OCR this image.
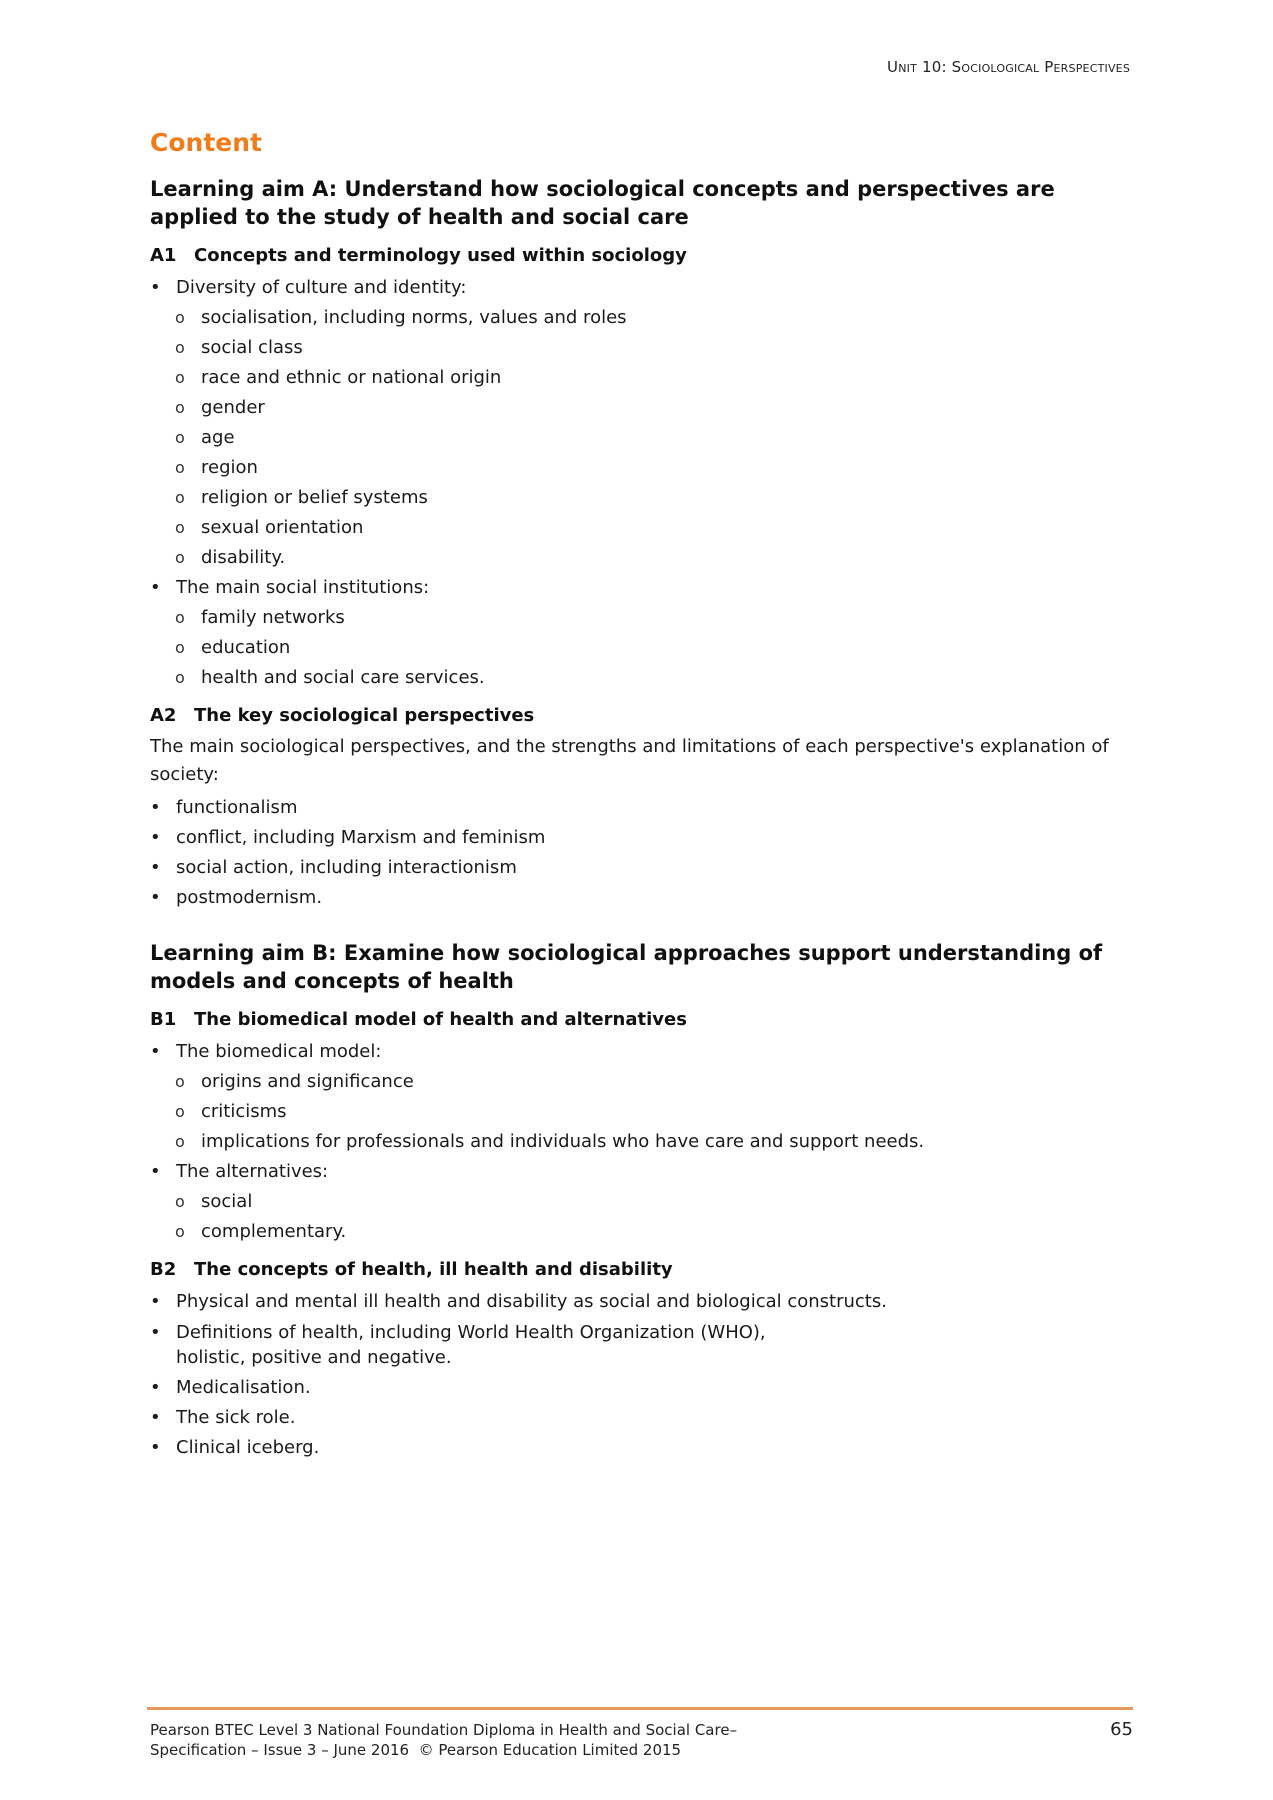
Unit 10: Sociological Perspectives
Content
Learning aim A: Understand how sociological concepts and perspectives are applied to the study of health and social care
A1 Concepts and terminology used within sociology
•
Diversity of culture and identity:
o
socialisation, including norms, values and roles
o
social class
o
race and ethnic or national origin
o
gender
o
age
o
region
o
religion or belief systems
o
sexual orientation
o
disability.
•
The main social institutions:
o
family networks
o
education
o
health and social care services.
A2 The key sociological perspectives

The main sociological perspectives, and the strengths and limitations of each perspective's explanation of society:

•
functionalism
•
conflict, including Marxism and feminism
•
social action, including interactionism
•
postmodernism.
Learning aim B: Examine how sociological approaches support understanding of models and concepts of health
B1 The biomedical model of health and alternatives
•
The biomedical model:
o
origins and significance
o
criticisms
o
implications for professionals and individuals who have care and support needs.
•
The alternatives:
o
social
o
complementary.
B2 The concepts of health, ill health and disability
•
Physical and mental ill health and disability as social and biological constructs.
•
Definitions of health, including World Health Organization (WHO), holistic, positive and negative.
•
Medicalisation.
•
The sick role.
•
Clinical iceberg.
Pearson BTEC Level 3 National Foundation Diploma in Health and Social Care–
Specification – Issue 3 – June 2016  © Pearson Education Limited 2015
65
